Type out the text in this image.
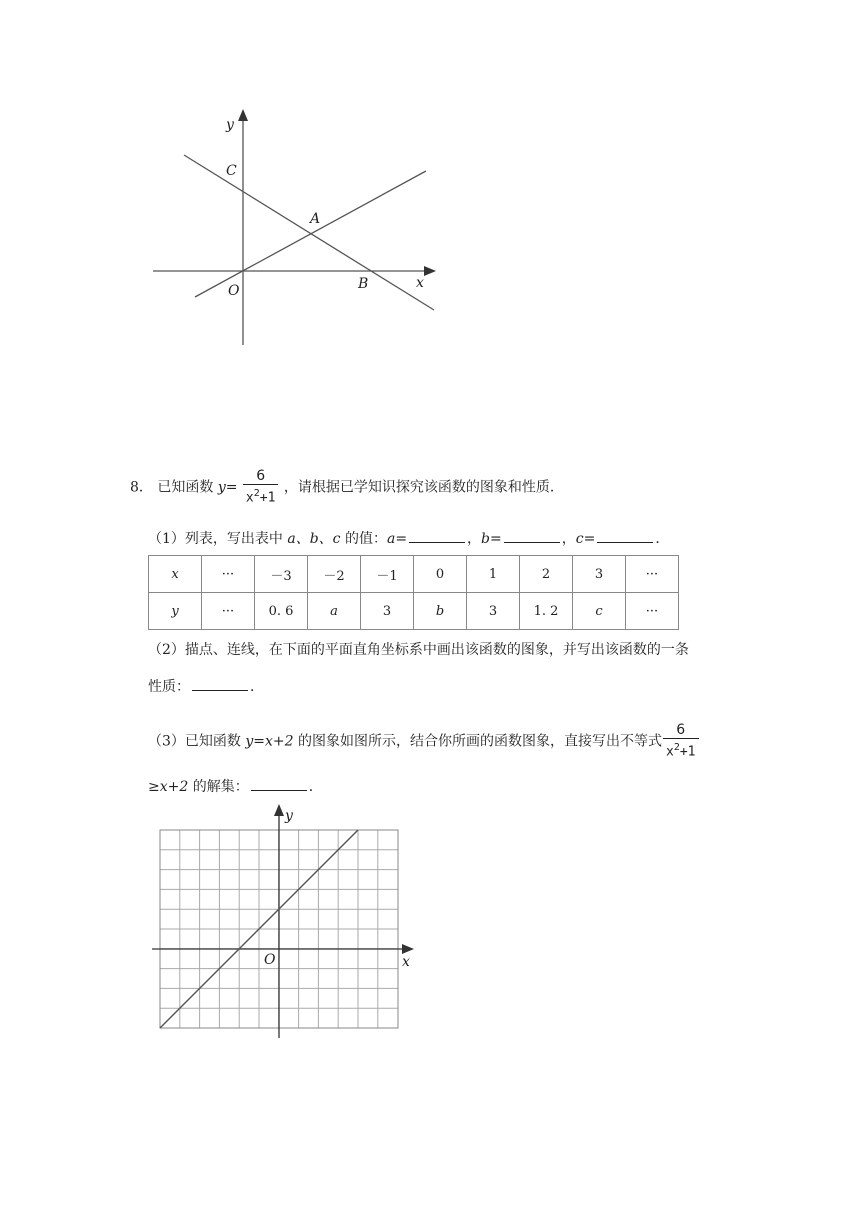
y
x
C
A
O	B
8． 已知函数 $y= \frac{6}{x^2+1}$ ，请根据已学知识探究该函数的图象和性质．
（1）列表，写出表中 a、b、c 的值：a=	，b=	，c=	．
x	···	－3	－2	－1	0	1	2	3	···
y	···	0. 6	a	3	b	3	1. 2	c	···
（2）描点、连线，在下面的平面直角坐标系中画出该函数的图象，并写出该函数的一条
性质：	．
（3）已知函数 y=x+2 的图象如图所示，结合你所画的函数图象，直接写出不等式 $\frac{6}{x^2+1}$
≥x+2 的解集：	．
y
x
O
